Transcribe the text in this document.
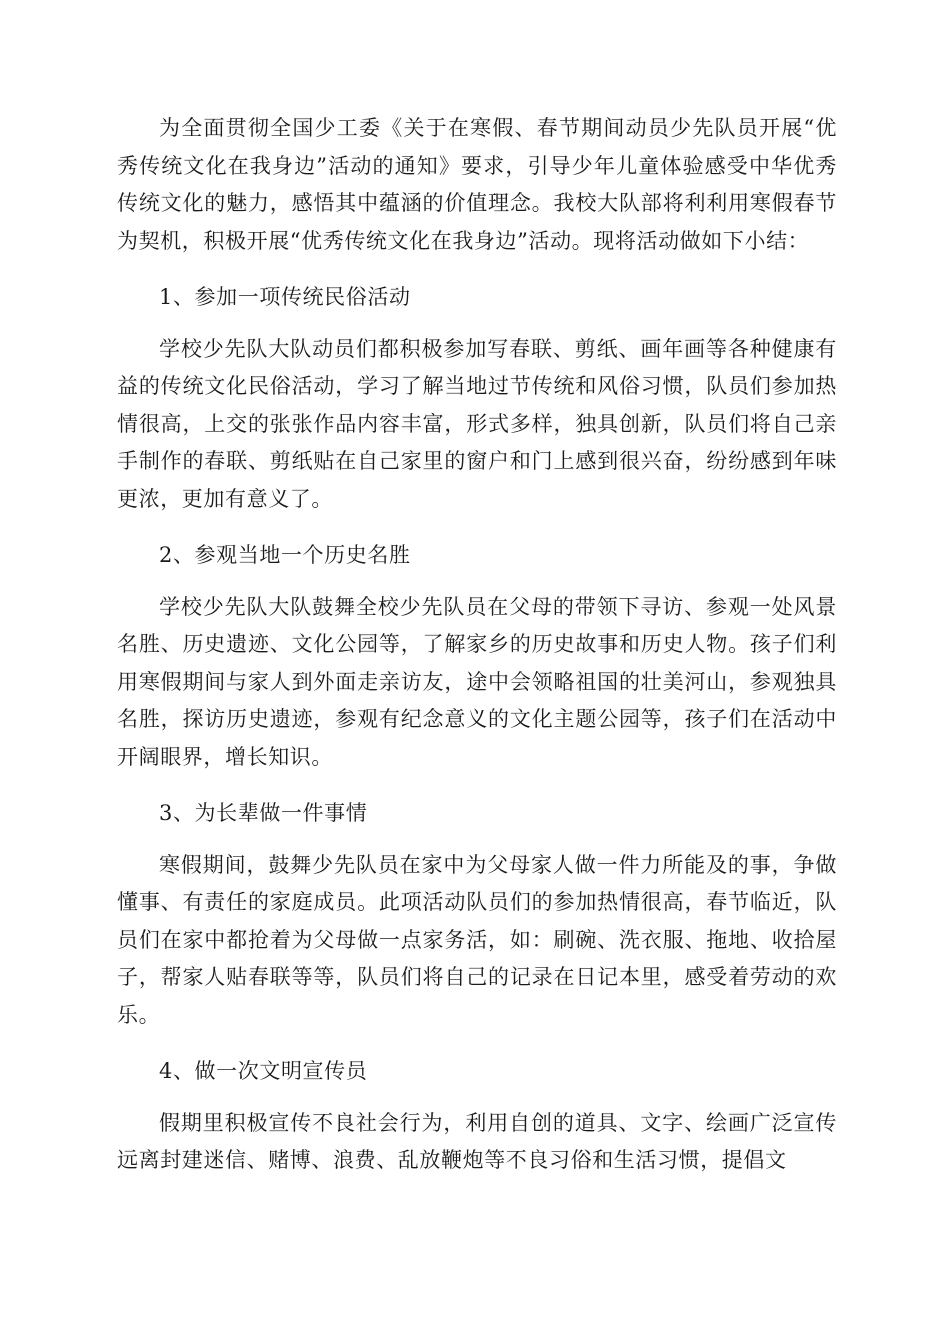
为全面贯彻全国少工委《关于在寒假、春节期间动员少先队员开展“优秀传统文化在我身边”活动的通知》要求，引导少年儿童体验感受中华优秀传统文化的魅力，感悟其中蕴涵的价值理念。我校大队部将利利用寒假春节为契机，积极开展“优秀传统文化在我身边”活动。现将活动做如下小结：

1、参加一项传统民俗活动

学校少先队大队动员们都积极参加写春联、剪纸、画年画等各种健康有益的传统文化民俗活动，学习了解当地过节传统和风俗习惯，队员们参加热情很高，上交的张张作品内容丰富，形式多样，独具创新，队员们将自己亲手制作的春联、剪纸贴在自己家里的窗户和门上感到很兴奋，纷纷感到年味更浓，更加有意义了。

2、参观当地一个历史名胜

学校少先队大队鼓舞全校少先队员在父母的带领下寻访、参观一处风景名胜、历史遗迹、文化公园等，了解家乡的历史故事和历史人物。孩子们利用寒假期间与家人到外面走亲访友，途中会领略祖国的壮美河山，参观独具名胜，探访历史遗迹，参观有纪念意义的文化主题公园等，孩子们在活动中开阔眼界，增长知识。

3、为长辈做一件事情

寒假期间，鼓舞少先队员在家中为父母家人做一件力所能及的事，争做懂事、有责任的家庭成员。此项活动队员们的参加热情很高，春节临近，队员们在家中都抢着为父母做一点家务活，如：刷碗、洗衣服、拖地、收拾屋子，帮家人贴春联等等，队员们将自己的记录在日记本里，感受着劳动的欢乐。

4、做一次文明宣传员

假期里积极宣传不良社会行为，利用自创的道具、文字、绘画广泛宣传远离封建迷信、赌博、浪费、乱放鞭炮等不良习俗和生活习惯，提倡文
